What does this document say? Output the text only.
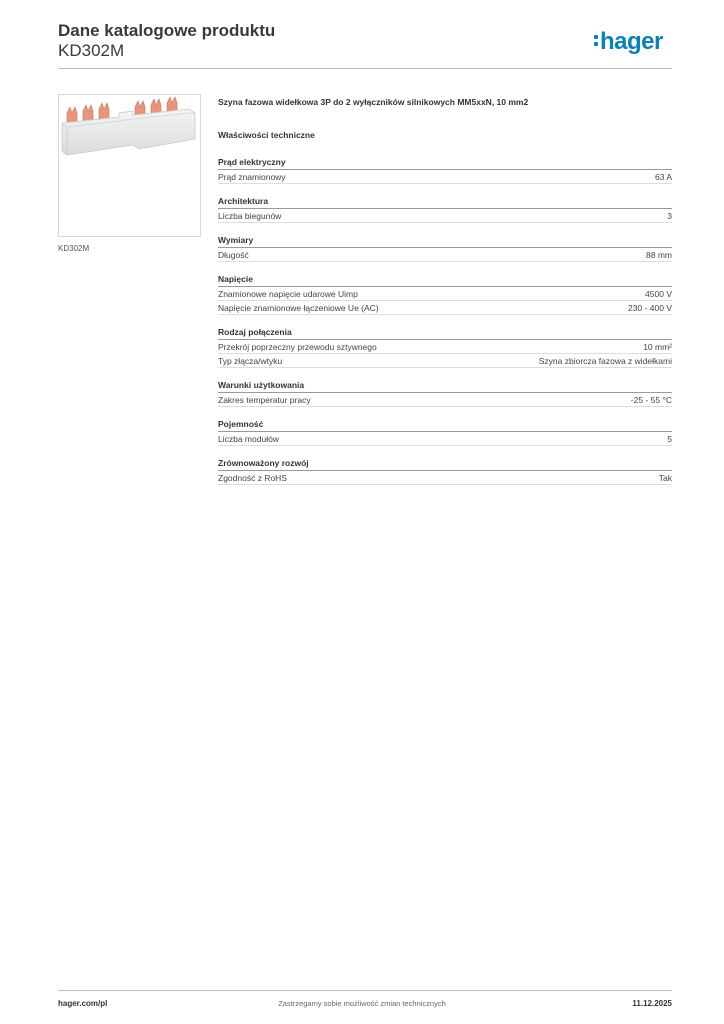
Dane katalogowe produktu
KD302M	hager
KD302M
Szyna fazowa widełkowa 3P do 2 wyłączników silnikowych MM5xxN, 10 mm2
Właściwości techniczne
Prąd elektryczny
Prąd znamionowy	63 A
Architektura
Liczba biegunów	3
Wymiary
Długość	88 mm
Napięcie
Znamionowe napięcie udarowe Uimp	4500 V
Napięcie znamionowe łączeniowe Ue (AC)	230 - 400 V
Rodzaj połączenia
Przekrój poprzeczny przewodu sztywnego	10 mm²
Typ złącza/wtyku	Szyna zbiorcza fazowa z widełkami
Warunki użytkowania
Zakres temperatur pracy	-25 - 55 °C
Pojemność
Liczba modułów	5
Zrównoważony rozwój
Zgodność z RoHS	Tak
hager.com/pl	Zastrzegamy sobie możliwość zmian technicznych	11.12.2025
